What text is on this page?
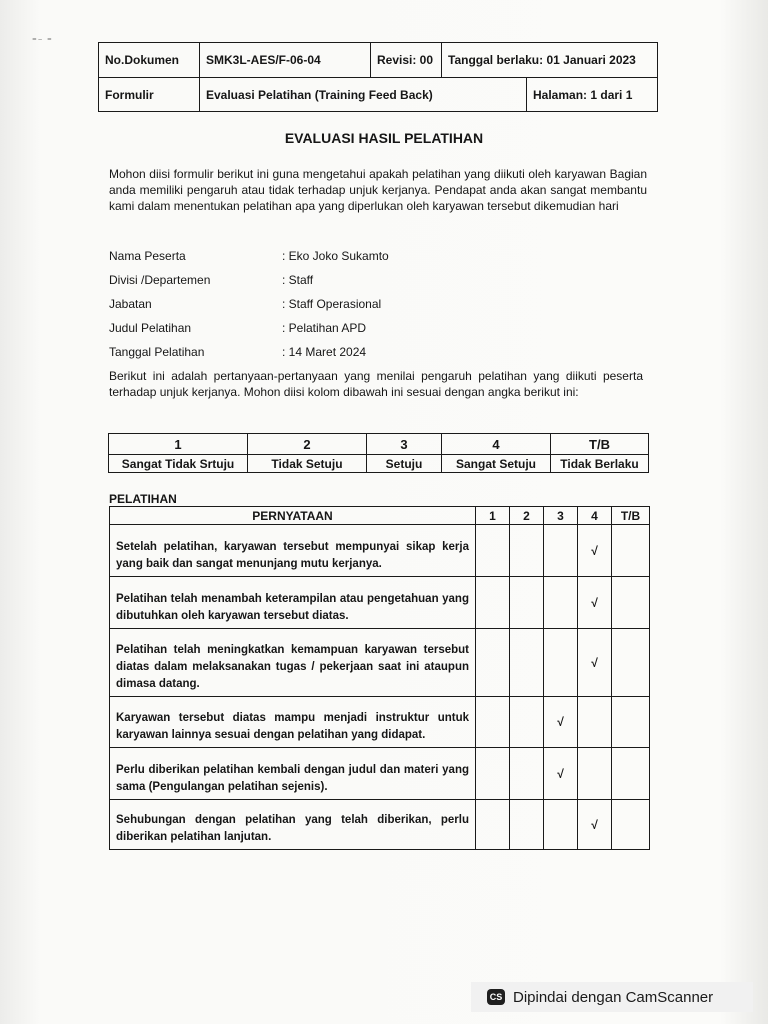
⁼⁻ ⁼
No.Dokumen	SMK3L-AES/F-06-04	Revisi: 00	Tanggal berlaku: 01 Januari 2023	
Formulir	Evaluasi Pelatihan (Training Feed Back)			Halaman: 1 dari 1
EVALUASI HASIL PELATIHAN
Mohon diisi formulir berikut ini guna mengetahui apakah pelatihan yang diikuti oleh karyawan Bagian anda memiliki pengaruh atau tidak terhadap unjuk kerjanya. Pendapat anda akan sangat membantu kami dalam menentukan pelatihan apa yang diperlukan oleh karyawan tersebut dikemudian hari
Nama Peserta	: Eko Joko Sukamto
Divisi /Departemen	: Staff
Jabatan	: Staff Operasional
Judul Pelatihan	: Pelatihan APD
Tanggal Pelatihan	: 14 Maret 2024
Berikut ini adalah pertanyaan-pertanyaan yang menilai pengaruh pelatihan yang diikuti peserta terhadap unjuk kerjanya. Mohon diisi kolom dibawah ini sesuai dengan angka berikut ini:
1	2	3	4	T/B
Sangat Tidak Srtuju	Tidak Setuju	Setuju	Sangat Setuju	Tidak Berlaku
PELATIHAN
PERNYATAAN	1	2	3	4	T/B
Setelah pelatihan, karyawan tersebut mempunyai sikap kerja yang baik dan sangat menunjang mutu kerjanya.				√	
Pelatihan telah menambah keterampilan atau pengetahuan yang dibutuhkan oleh karyawan tersebut diatas.				√	
Pelatihan telah meningkatkan kemampuan karyawan tersebut diatas dalam melaksanakan tugas / pekerjaan saat ini ataupun dimasa datang.				√	
Karyawan tersebut diatas mampu menjadi instruktur untuk karyawan lainnya sesuai dengan pelatihan yang didapat.			√		
Perlu diberikan pelatihan kembali dengan judul dan materi yang sama (Pengulangan pelatihan sejenis).			√		
Sehubungan dengan pelatihan yang telah diberikan, perlu diberikan pelatihan lanjutan.				√	
CS Dipindai dengan CamScanner
